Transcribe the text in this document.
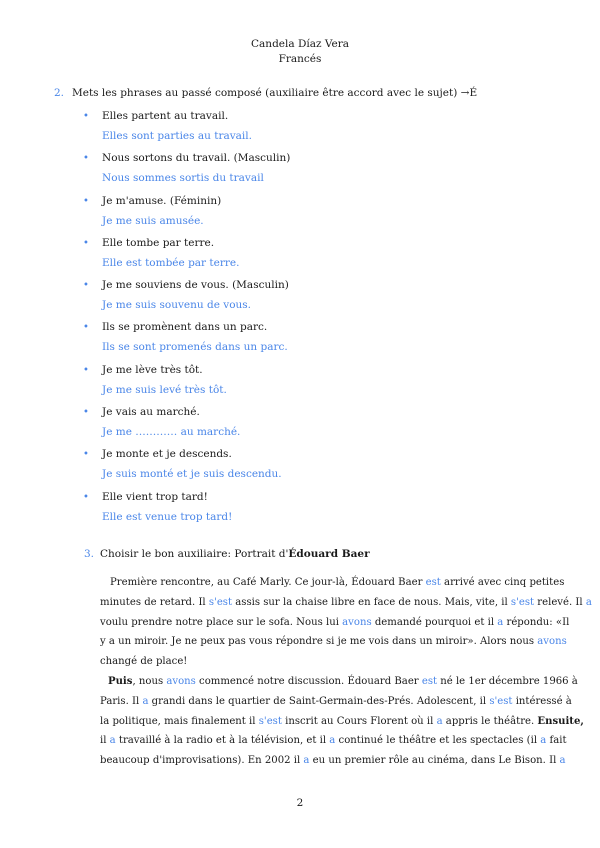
Candela Díaz Vera
Francés
2. Mets les phrases au passé composé (auxiliaire être accord avec le sujet) →É
• Elles partent au travail.
Elles sont parties au travail.
• Nous sortons du travail. (Masculin)
Nous sommes sortis du travail
• Je m'amuse. (Féminin)
Je me suis amusée.
• Elle tombe par terre.
Elle est tombée par terre.
• Je me souviens de vous. (Masculin)
Je me suis souvenu de vous.
• Ils se promènent dans un parc.
Ils se sont promenés dans un parc.
• Je me lève très tôt.
Je me suis levé très tôt.
• Je vais au marché.
Je me ………… au marché.
• Je monte et je descends.
Je suis monté et je suis descendu.
• Elle vient trop tard!
Elle est venue trop tard!
3. Choisir le bon auxiliaire: Portrait d'Édouard Baer
Première rencontre, au Café Marly. Ce jour-là, Édouard Baer est arrivé avec cinq petites
minutes de retard. Il s'est assis sur la chaise libre en face de nous. Mais, vite, il s'est relevé. Il a
voulu prendre notre place sur le sofa. Nous lui avons demandé pourquoi et il a répondu: «Il
y a un miroir. Je ne peux pas vous répondre si je me vois dans un miroir». Alors nous avons
changé de place!
Puis, nous avons commencé notre discussion. Édouard Baer est né le 1er décembre 1966 à
Paris. Il a grandi dans le quartier de Saint-Germain-des-Prés. Adolescent, il s'est intéressé à
la politique, mais finalement il s'est inscrit au Cours Florent où il a appris le théâtre. Ensuite,
il a travaillé à la radio et à la télévision, et il a continué le théâtre et les spectacles (il a fait
beaucoup d'improvisations). En 2002 il a eu un premier rôle au cinéma, dans Le Bison. Il a
2
